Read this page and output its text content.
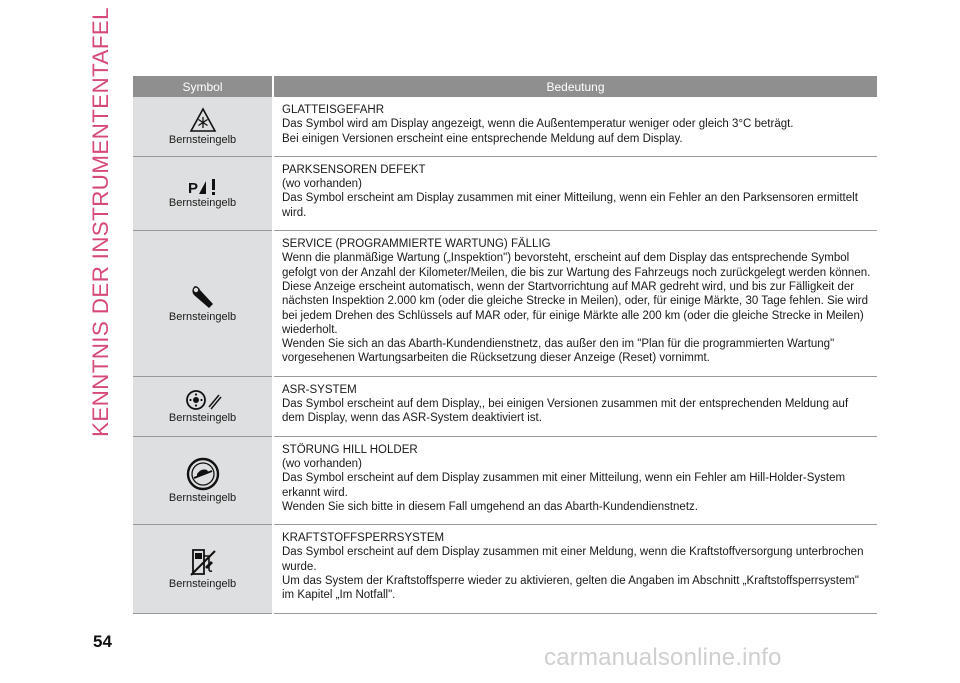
KENNTNIS DER INSTRUMENTENTAFEL	Symbol	Bedeutung

Bernsteingelb	GLATTEISGEFAHR
Das Symbol wird am Display angezeigt, wenn die Außentemperatur weniger oder gleich 3°C beträgt.
Bei einigen Versionen erscheint eine entsprechende Meldung auf dem Display.

P
Bernsteingelb	PARKSENSOREN DEFEKT
(wo vorhanden)
Das Symbol erscheint am Display zusammen mit einer Mitteilung, wenn ein Fehler an den Parksensoren ermittelt wird.

Bernsteingelb	SERVICE (PROGRAMMIERTE WARTUNG) FÄLLIG
Wenn die planmäßige Wartung („Inspektion") bevorsteht, erscheint auf dem Display das entsprechende Symbol gefolgt von der Anzahl der Kilometer/Meilen, die bis zur Wartung des Fahrzeugs noch zurückgelegt werden können. Diese Anzeige erscheint automatisch, wenn der Startvorrichtung auf MAR gedreht wird, und bis zur Fälligkeit der nächsten Inspektion 2.000 km (oder die gleiche Strecke in Meilen), oder, für einige Märkte, 30 Tage fehlen. Sie wird bei jedem Drehen des Schlüssels auf MAR oder, für einige Märkte alle 200 km (oder die gleiche Strecke in Meilen) wiederholt.
Wenden Sie sich an das Abarth-Kundendienstnetz, das außer den im "Plan für die programmierten Wartung" vorgesehenen Wartungsarbeiten die Rücksetzung dieser Anzeige (Reset) vornimmt.

Bernsteingelb	ASR-SYSTEM
Das Symbol erscheint auf dem Display,, bei einigen Versionen zusammen mit der entsprechenden Meldung auf dem Display, wenn das ASR-System deaktiviert ist.

Bernsteingelb	STÖRUNG HILL HOLDER
(wo vorhanden)
Das Symbol erscheint auf dem Display zusammen mit einer Mitteilung, wenn ein Fehler am Hill-Holder-System erkannt wird.
Wenden Sie sich bitte in diesem Fall umgehend an das Abarth-Kundendienstnetz.

Bernsteingelb	KRAFTSTOFFSPERRSYSTEM
Das Symbol erscheint auf dem Display zusammen mit einer Meldung, wenn die Kraftstoffversorgung unterbrochen wurde.
Um das System der Kraftstoffsperre wieder zu aktivieren, gelten die Angaben im Abschnitt „Kraftstoffsperrsystem" im Kapitel „Im Notfall".
54
carmanualsonline.info
